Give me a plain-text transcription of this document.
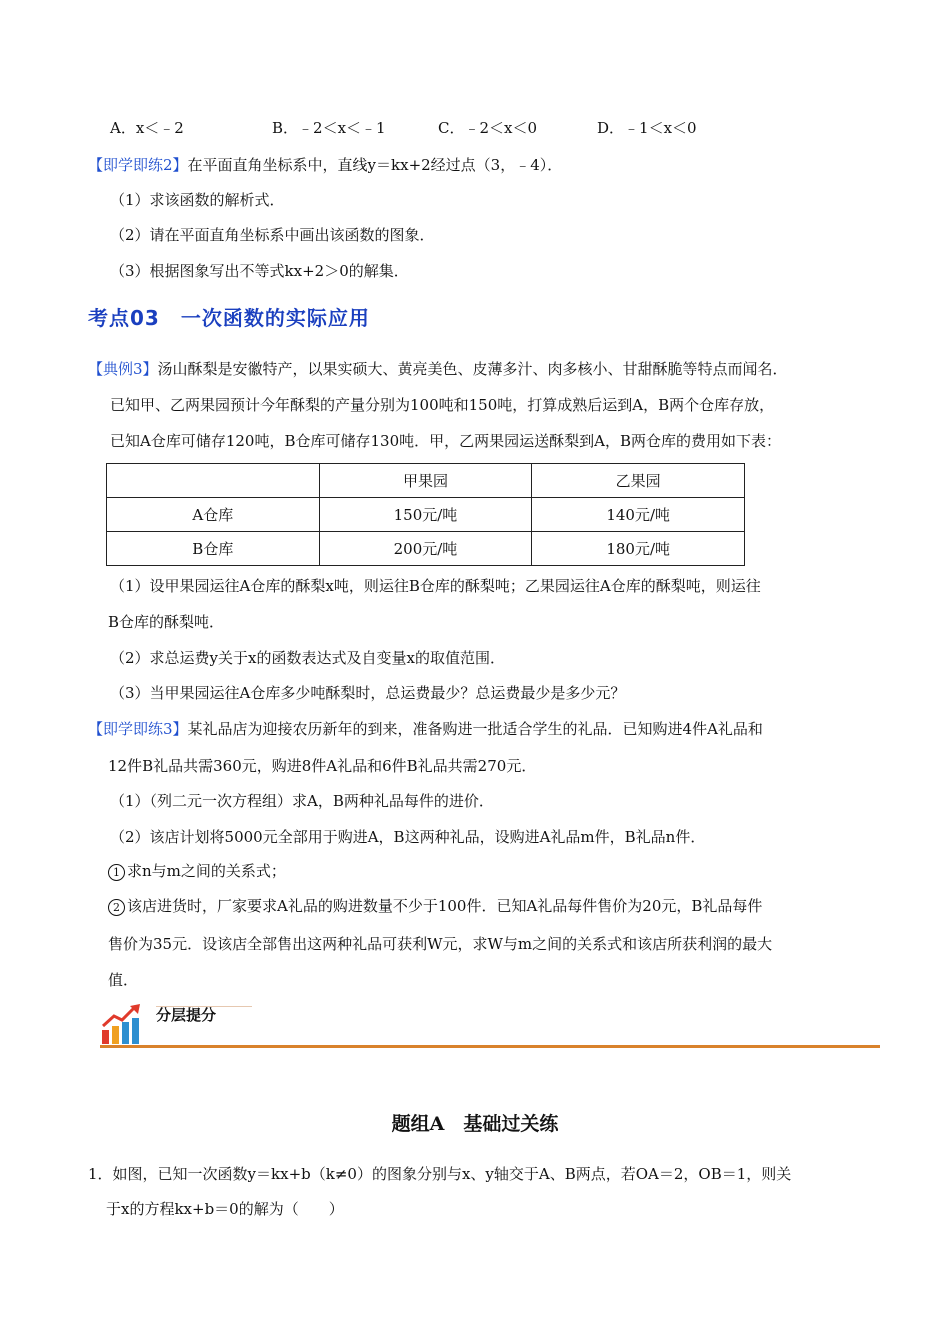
A．x＜﹣2	B．﹣2＜x＜﹣1	C．﹣2＜x＜0	D．﹣1＜x＜0
【即学即练2】在平面直角坐标系中，直线y＝kx+2经过点（3，﹣4）．
（1）求该函数的解析式．
（2）请在平面直角坐标系中画出该函数的图象．
（3）根据图象写出不等式kx+2＞0的解集．
考点03　一次函数的实际应用
【典例3】汤山酥梨是安徽特产，以果实硕大、黄亮美色、皮薄多汁、肉多核小、甘甜酥脆等特点而闻名．
已知甲、乙两果园预计今年酥梨的产量分别为100吨和150吨，打算成熟后运到A，B两个仓库存放，
已知A仓库可储存120吨，B仓库可储存130吨．甲，乙两果园运送酥梨到A，B两仓库的费用如下表：
	甲果园	乙果园
A仓库	150元/吨	140元/吨
B仓库	200元/吨	180元/吨
（1）设甲果园运往A仓库的酥梨x吨，则运往B仓库的酥梨吨；乙果园运往A仓库的酥梨吨，则运往
B仓库的酥梨吨．
（2）求总运费y关于x的函数表达式及自变量x的取值范围．
（3）当甲果园运往A仓库多少吨酥梨时，总运费最少？总运费最少是多少元？
【即学即练3】某礼品店为迎接农历新年的到来，准备购进一批适合学生的礼品．已知购进4件A礼品和
12件B礼品共需360元，购进8件A礼品和6件B礼品共需270元．
（1）（列二元一次方程组）求A，B两种礼品每件的进价．
（2）该店计划将5000元全部用于购进A，B这两种礼品，设购进A礼品m件，B礼品n件．
1 求n与m之间的关系式；
2 该店进货时，厂家要求A礼品的购进数量不少于100件．已知A礼品每件售价为20元，B礼品每件
售价为35元．设该店全部售出这两种礼品可获利W元，求W与m之间的关系式和该店所获利润的最大
值．
分层提分
题组A　基础过关练
1．如图，已知一次函数y＝kx+b（k≠0）的图象分别与x、y轴交于A、B两点，若OA＝2，OB＝1，则关
于x的方程kx+b＝0的解为（　　）
